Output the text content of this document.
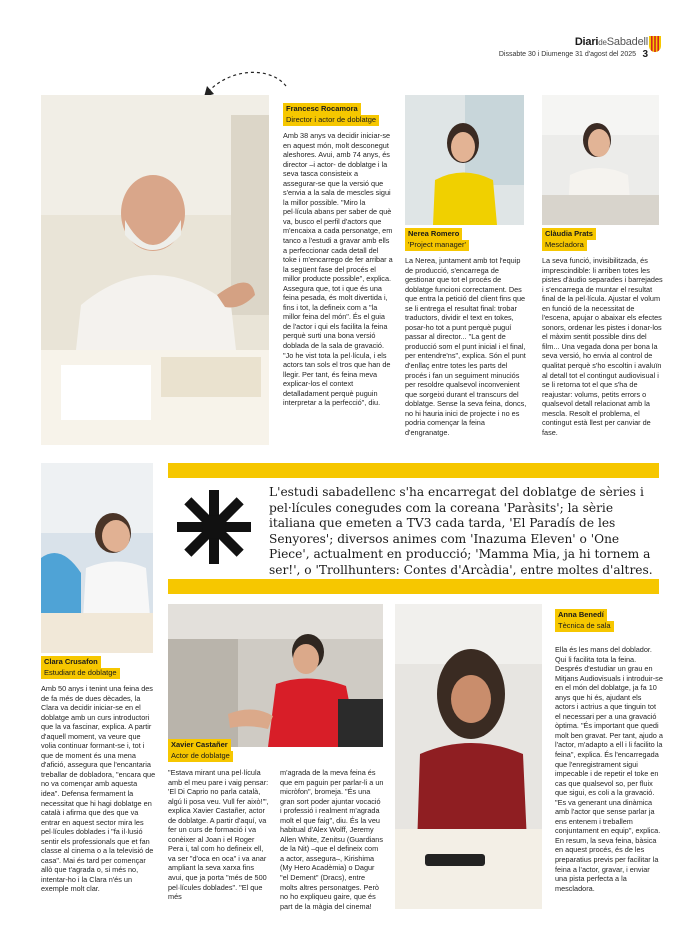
DiarideSabadell
Dissabte 30 i Diumenge 31 d'agost del 2025 3
Francesc Rocamora
Director i actor de doblatge

Amb 38 anys va decidir iniciar-se en aquest món, molt desconegut aleshores. Avui, amb 74 anys, és director –i actor- de doblatge i la seva tasca consisteix a assegurar-se que la versió que s'envia a la sala de mescles sigui la millor possible. "Miro la pel·lícula abans per saber de què va, busco el perfil d'actors que m'encaixa a cada personatge, em tanco a l'estudi a gravar amb ells a perfeccionar cada detall del toke i m'encarrego de fer arribar a la següent fase del procés el millor producte possible", explica. Assegura que, tot i que és una feina pesada, és molt divertida i, fins i tot, la defineix com a "la millor feina del món". És el guia de l'actor i qui els facilita la feina perquè surti una bona versió doblada de la sala de gravació. "Jo he vist tota la pel·lícula, i els actors tan sols el tros que han de llegir. Per tant, és feina meva explicar-los el context detalladament perquè puguin interpretar a la perfecció", diu.

Nerea Romero
'Project manager'

La Nerea, juntament amb tot l'equip de producció, s'encarrega de gestionar que tot el procés de doblatge funcioni correctament. Des que entra la petició del client fins que se li entrega el resultat final: trobar traductors, dividir el text en tokes, posar-ho tot a punt perquè puguí passar al director... "La gent de producció som el punt inicial i el final, per entendre'ns", explica. Són el punt d'enllaç entre totes les parts del procés i fan un seguiment minuciós per resoldre qualsevol inconvenient que sorgeixi durant el transcurs del doblatge. Sense la seva feina, doncs, no hi hauria inici de projecte i no es podria començar la feina d'engranatge.

Clàudia Prats
Mescladora

La seva funció, invisibilitzada, és imprescindible: li arriben totes les pistes d'àudio separades i barrejades i s'encarrega de muntar el resultat final de la pel·lícula. Ajustar el volum en funció de la necessitat de l'escena, apujar o abaixar els efectes sonors, ordenar les pistes i donar-los el màxim sentit possible dins del film... Una vegada dona per bona la seva versió, ho envia al control de qualitat perquè s'ho escoltin i avaluïn al detall tot el contingut audiovisual i se li retorna tot el que s'ha de reajustar: volums, petits errors o qualsevol detall relacionat amb la mescla. Resolt el problema, el contingut està llest per canviar de fase.

L'estudi sabadellenc s'ha encarregat del doblatge de sèries i pel·lícules conegudes com la coreana 'Paràsits'; la sèrie italiana que emeten a TV3 cada tarda, 'El Paradís de les Senyores'; diversos animes com 'Inazuma Eleven' o 'One Piece', actualment en producció; 'Mamma Mia, ja hi tornem a ser!', o 'Trollhunters: Contes d'Arcàdia', entre moltes d'altres.
Clara Crusafon
Estudiant de doblatge

Amb 50 anys i tenint una feina des de fa més de dues dècades, la Clara va decidir iniciar-se en el doblatge amb un curs introductori que la va fascinar, explica. A partir d'aquell moment, va veure que volia continuar formant-se i, tot i que de moment és una mena d'afició, assegura que l'encantaria treballar de dobladora, "encara que no va començar amb aquesta idea". Defensa fermament la necessitat que hi hagi doblatge en català i afirma que des que va entrar en aquest sector mira les pel·lícules doblades i "fa il·lusió sentir els professionals que et fan classe al cinema o a la televisió de casa". Mai és tard per començar allò que t'agrada o, si més no, intentar-ho i la Clara n'és un exemple molt clar.

Xavier Castañer
Actor de doblatge

"Estava mirant una pel·lícula amb el meu pare i vaig pensar: 'El Di Caprio no parla català, algú li posa veu. Vull fer això!'", explica Xavier Castañer, actor de doblatge. A partir d'aquí, va fer un curs de formació i va conèixer al Joan i el Roger Pera i, tal com ho defineix ell, va ser "d'oca en oca" i va anar ampliant la seva xarxa fins avui, que ja porta "més de 500 pel·lícules doblades". "El que més

m'agrada de la meva feina és que em paguin per parlar-li a un micròfon", bromeja. "És una gran sort poder ajuntar vocació i professió i realment m'agrada molt el que faig", diu. És la veu habitual d'Alex Wolff, Jeremy Allen White, Zenitsu (Guardians de la Nit) –que el defineix com a actor, assegura–, Kirishima (My Hero Acadèmia) o Dagur "el Dement" (Dracs), entre molts altres personatges. Però no ho expliqueu gaire, que és part de la màgia del cinema!

Anna Benedí
Tècnica de sala

Ella és les mans del doblador. Qui li facilita tota la feina. Després d'estudiar un grau en Mitjans Audiovisuals i introduir-se en el món del doblatge, ja fa 10 anys que hi és, ajudant els actors i actrius a que tinguin tot el necessari per a una gravació òptima. "És important que quedi molt ben gravat. Per tant, ajudo a l'actor, m'adapto a ell i li facilito la feina", explica. És l'encarregada que l'enregistrament sigui impecable i de repetir el toke en cas que qualsevol so, per fluix que sigui, es coli a la gravació. "Es va generant una dinàmica amb l'actor que sense parlar ja ens entenem i treballem conjuntament en equip", explica. En resum, la seva feina, bàsica en aquest procés, és de les preparatius previs per facilitar la feina a l'actor, gravar, i enviar una pista perfecta a la mescladora.
